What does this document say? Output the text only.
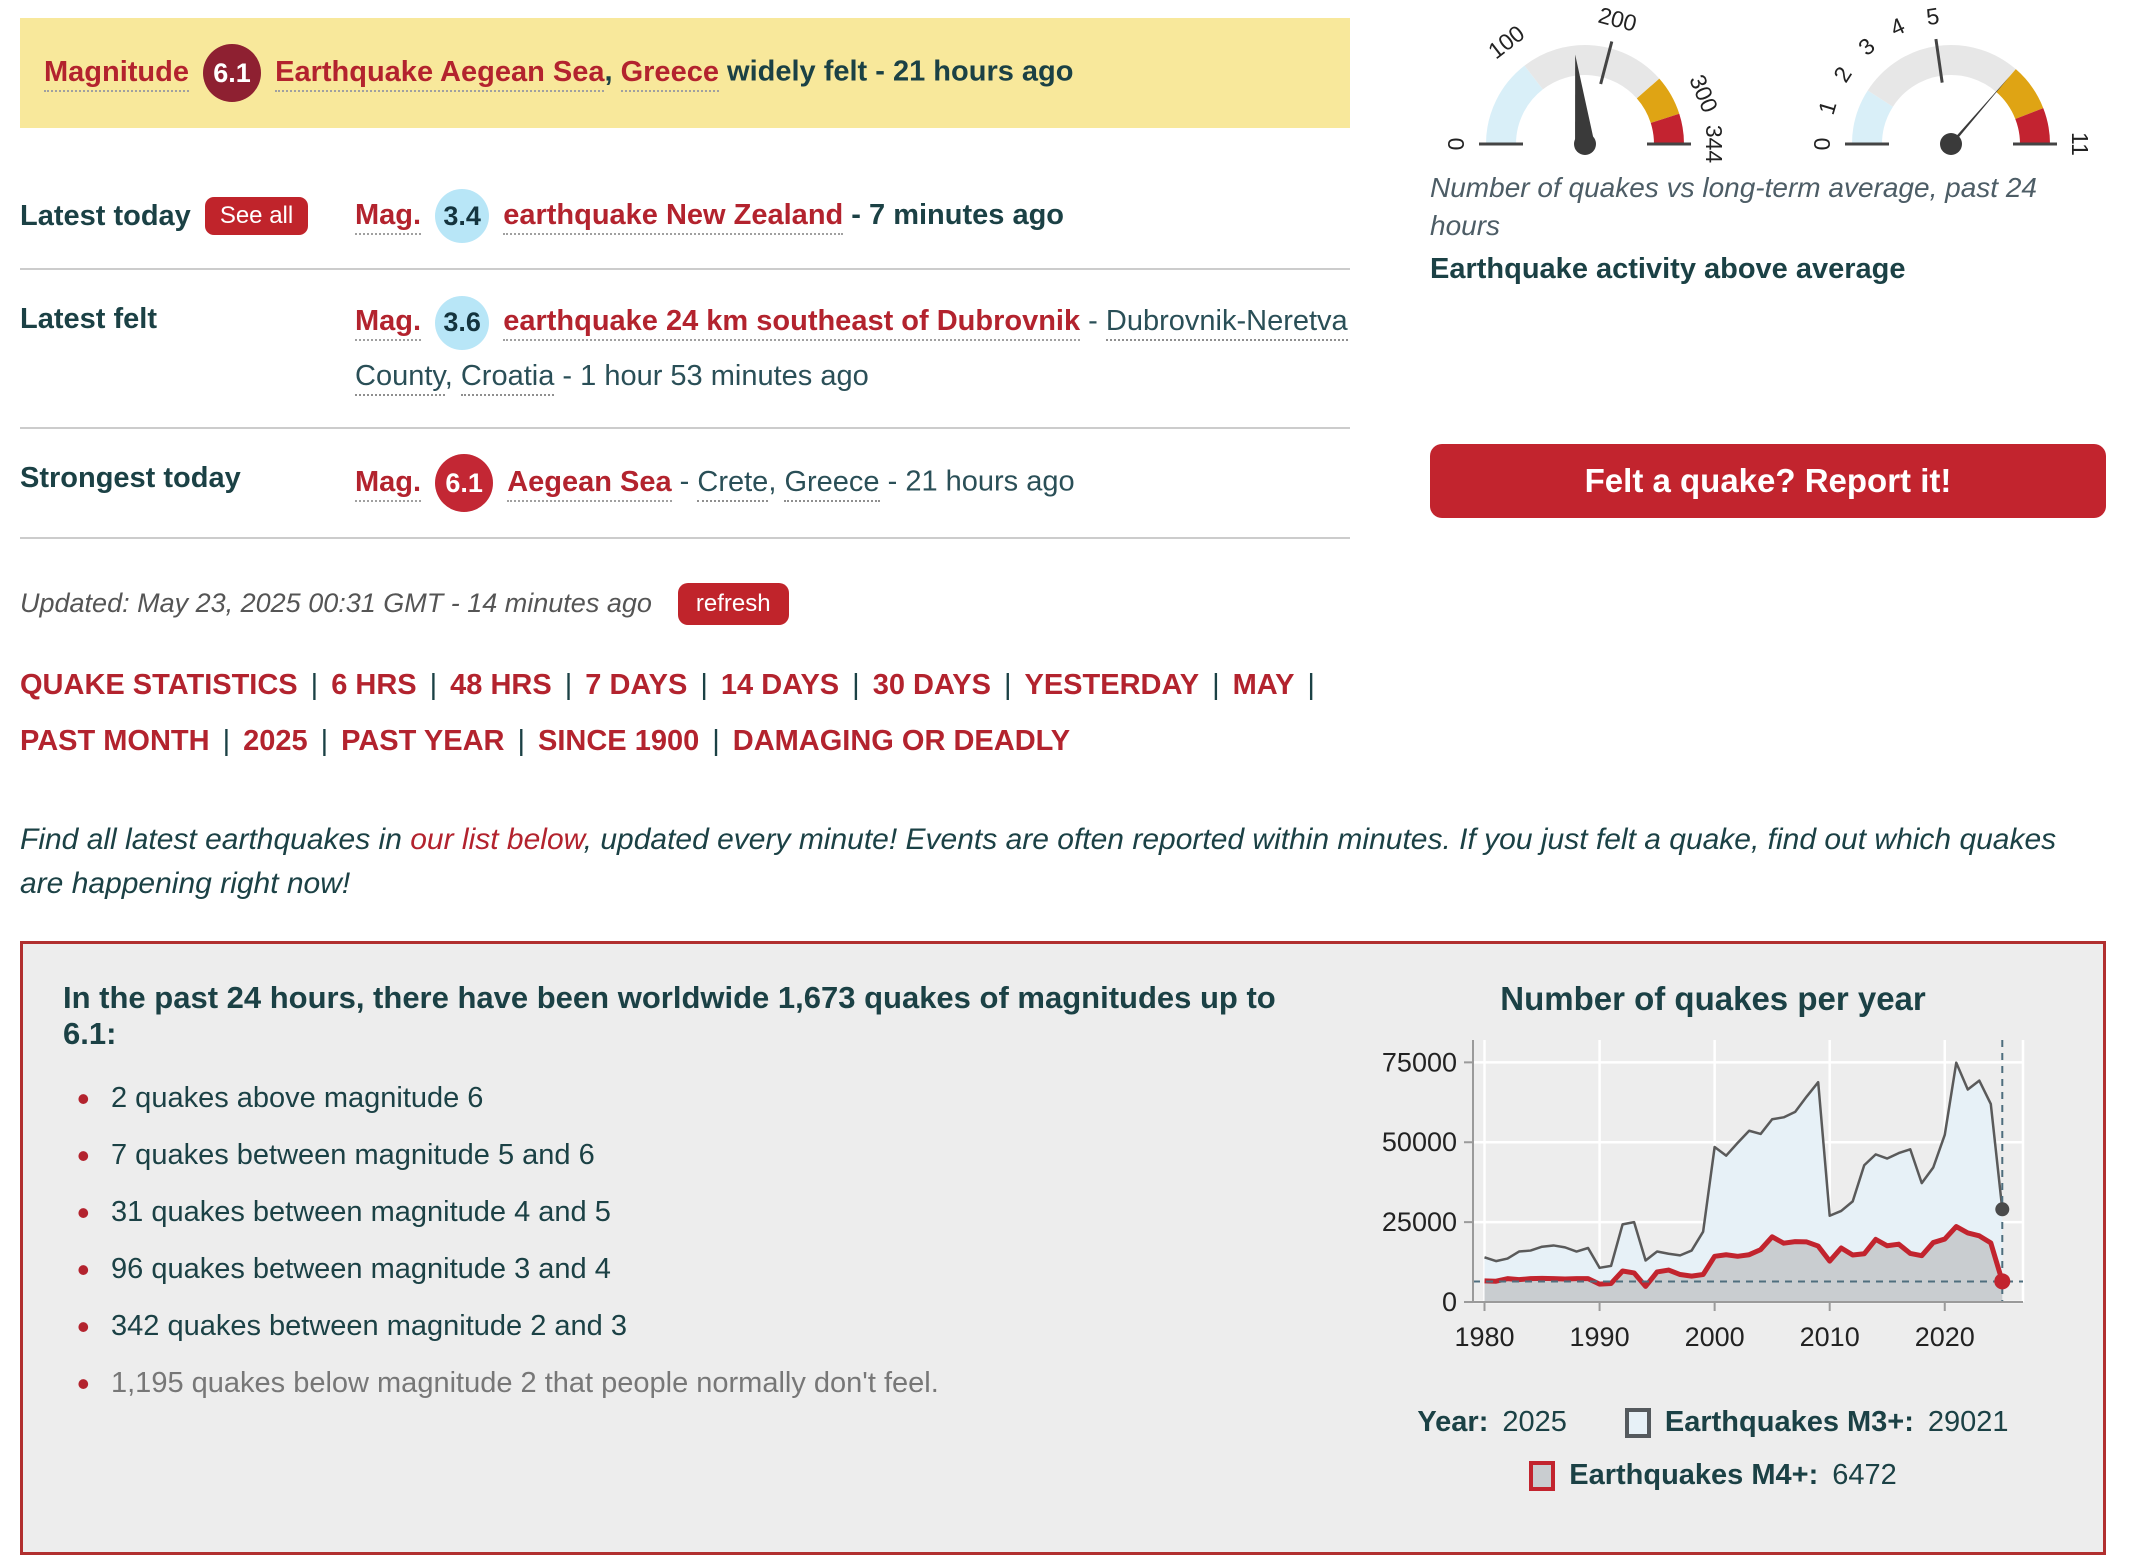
Magnitude 6.1 Earthquake Aegean Sea, Greece widely felt - 21 hours ago
Latest today	See all	Mag. 3.4 earthquake New Zealand - 7 minutes ago
Latest felt	Mag. 3.6 earthquake 24 km southeast of Dubrovnik - Dubrovnik-Neretva County, Croatia - 1 hour 53 minutes ago
Strongest today	Mag. 6.1 Aegean Sea - Crete, Greece - 21 hours ago
Updated: May 23, 2025 00:31 GMT - 14 minutes ago	refresh
QUAKE STATISTICS | 6 HRS | 48 HRS | 7 DAYS | 14 DAYS | 30 DAYS | YESTERDAY | MAY |
PAST MONTH | 2025 | PAST YEAR | SINCE 1900 | DAMAGING OR DEADLY
0
100
200
300
344	0
1
2
3
4 5
11
Number of quakes vs long-term average, past 24 hours
Earthquake activity above average
Felt a quake? Report it!

Find all latest earthquakes in our list below, updated every minute! Events are often reported within minutes. If you just felt a quake, find out which quakes are happening right now!

In the past 24 hours, there have been worldwide 1,673 quakes of magnitudes up to 6.1:
• 2 quakes above magnitude 6
• 7 quakes between magnitude 5 and 6
• 31 quakes between magnitude 4 and 5
• 96 quakes between magnitude 3 and 4
• 342 quakes between magnitude 2 and 3
• 1,195 quakes below magnitude 2 that people normally don't feel.
Number of quakes per year
0
25000
50000
75000
1980 1990 2000 2010 2020
Year: 2025	Earthquakes M3+: 29021
Earthquakes M4+: 6472
